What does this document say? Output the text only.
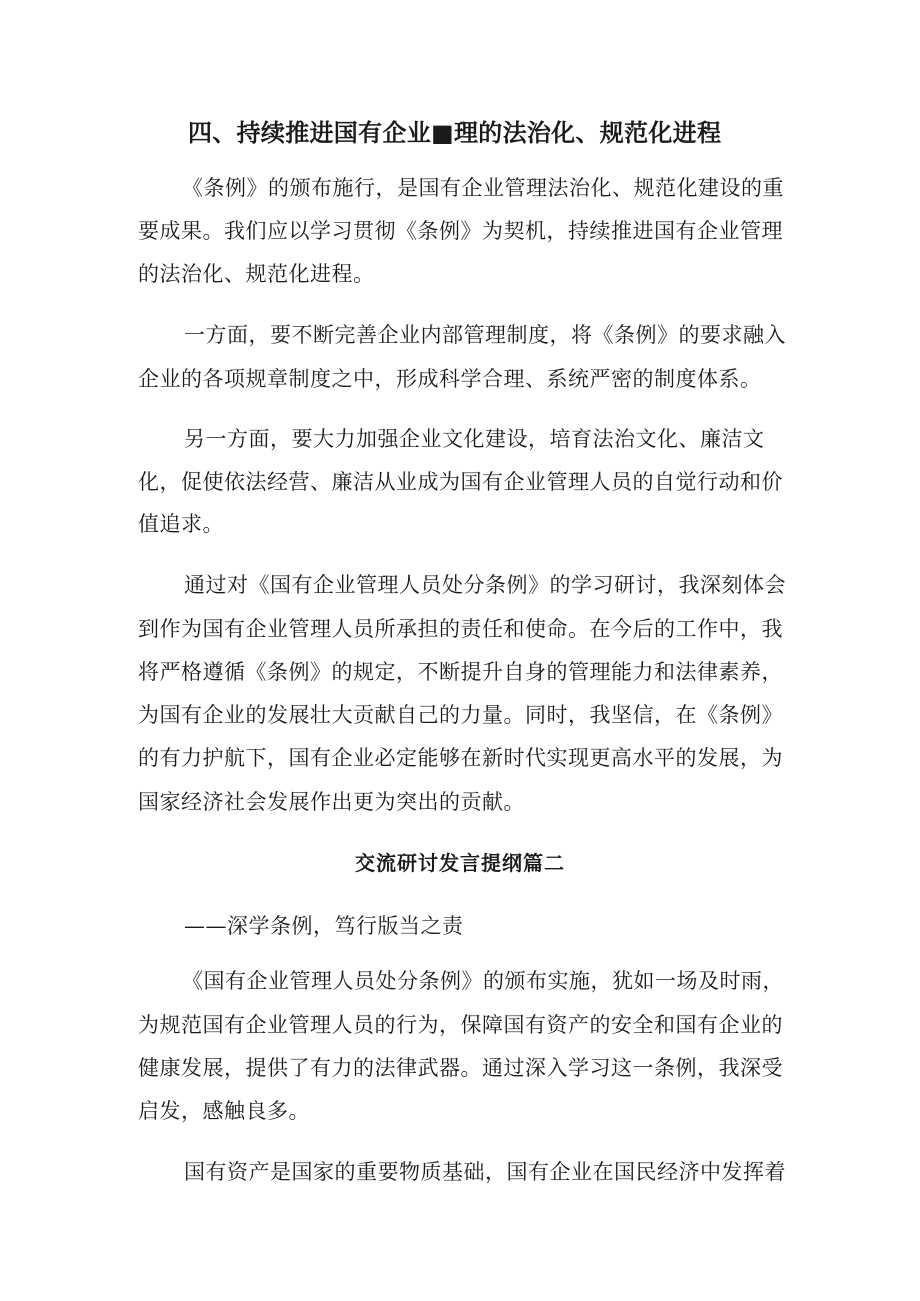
四、持续推进国有企业■理的法治化、规范化进程
《条例》的颁布施行，是国有企业管理法治化、规范化建设的重
要成果。我们应以学习贯彻《条例》为契机，持续推进国有企业管理
的法治化、规范化进程。
一方面，要不断完善企业内部管理制度，将《条例》的要求融入
企业的各项规章制度之中，形成科学合理、系统严密的制度体系。
另一方面，要大力加强企业文化建设，培育法治文化、廉洁文
化，促使依法经营、廉洁从业成为国有企业管理人员的自觉行动和价
值追求。
通过对《国有企业管理人员处分条例》的学习研讨，我深刻体会
到作为国有企业管理人员所承担的责任和使命。在今后的工作中，我
将严格遵循《条例》的规定，不断提升自身的管理能力和法律素养，
为国有企业的发展壮大贡献自己的力量。同时，我坚信，在《条例》
的有力护航下，国有企业必定能够在新时代实现更高水平的发展，为
国家经济社会发展作出更为突出的贡献。
交流研讨发言提纲篇二
——深学条例，笃行版当之责
《国有企业管理人员处分条例》的颁布实施，犹如一场及时雨，
为规范国有企业管理人员的行为，保障国有资产的安全和国有企业的
健康发展，提供了有力的法律武器。通过深入学习这一条例，我深受
启发，感触良多。
国有资产是国家的重要物质基础，国有企业在国民经济中发挥着
